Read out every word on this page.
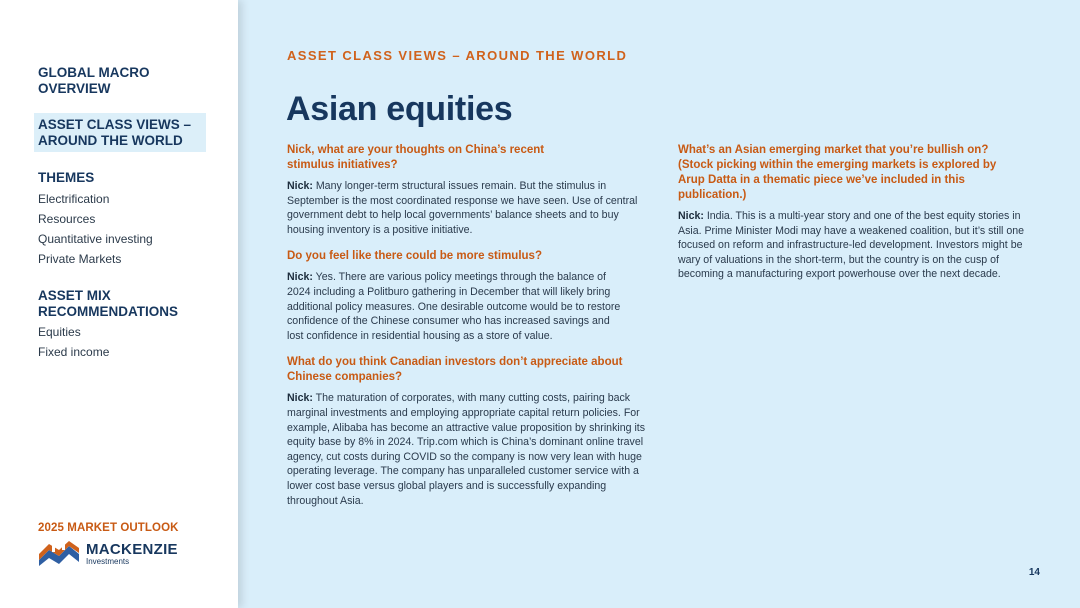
GLOBAL MACRO
OVERVIEW
ASSET CLASS VIEWS –
AROUND THE WORLD
THEMES
Electrification
Resources
Quantitative investing
Private Markets
ASSET MIX
RECOMMENDATIONS
Equities
Fixed income
2025 MARKET OUTLOOK
MACKENZIE
Investments
ASSET CLASS VIEWS – AROUND THE WORLD
Asian equities
Nick, what are your thoughts on China’s recent stimulus initiatives?
Nick: Many longer-term structural issues remain. But the stimulus in September is the most coordinated response we have seen. Use of central government debt to help local governments’ balance sheets and to buy housing inventory is a positive initiative.
Do you feel like there could be more stimulus?
Nick: Yes. There are various policy meetings through the balance of 2024 including a Politburo gathering in December that will likely bring additional policy measures. One desirable outcome would be to restore confidence of the Chinese consumer who has increased savings and lost confidence in residential housing as a store of value.
What do you think Canadian investors don’t appreciate about Chinese companies?
Nick: The maturation of corporates, with many cutting costs, pairing back marginal investments and employing appropriate capital return policies. For example, Alibaba has become an attractive value proposition by shrinking its equity base by 8% in 2024. Trip.com which is China’s dominant online travel agency, cut costs during COVID so the company is now very lean with huge operating leverage. The company has unparalleled customer service with a lower cost base versus global players and is successfully expanding throughout Asia.
What’s an Asian emerging market that you’re bullish on? (Stock picking within the emerging markets is explored by Arup Datta in a thematic piece we’ve included in this publication.)
Nick: India. This is a multi-year story and one of the best equity stories in Asia. Prime Minister Modi may have a weakened coalition, but it’s still one focused on reform and infrastructure-led development. Investors might be wary of valuations in the short-term, but the country is on the cusp of becoming a manufacturing export powerhouse over the next decade.
14
